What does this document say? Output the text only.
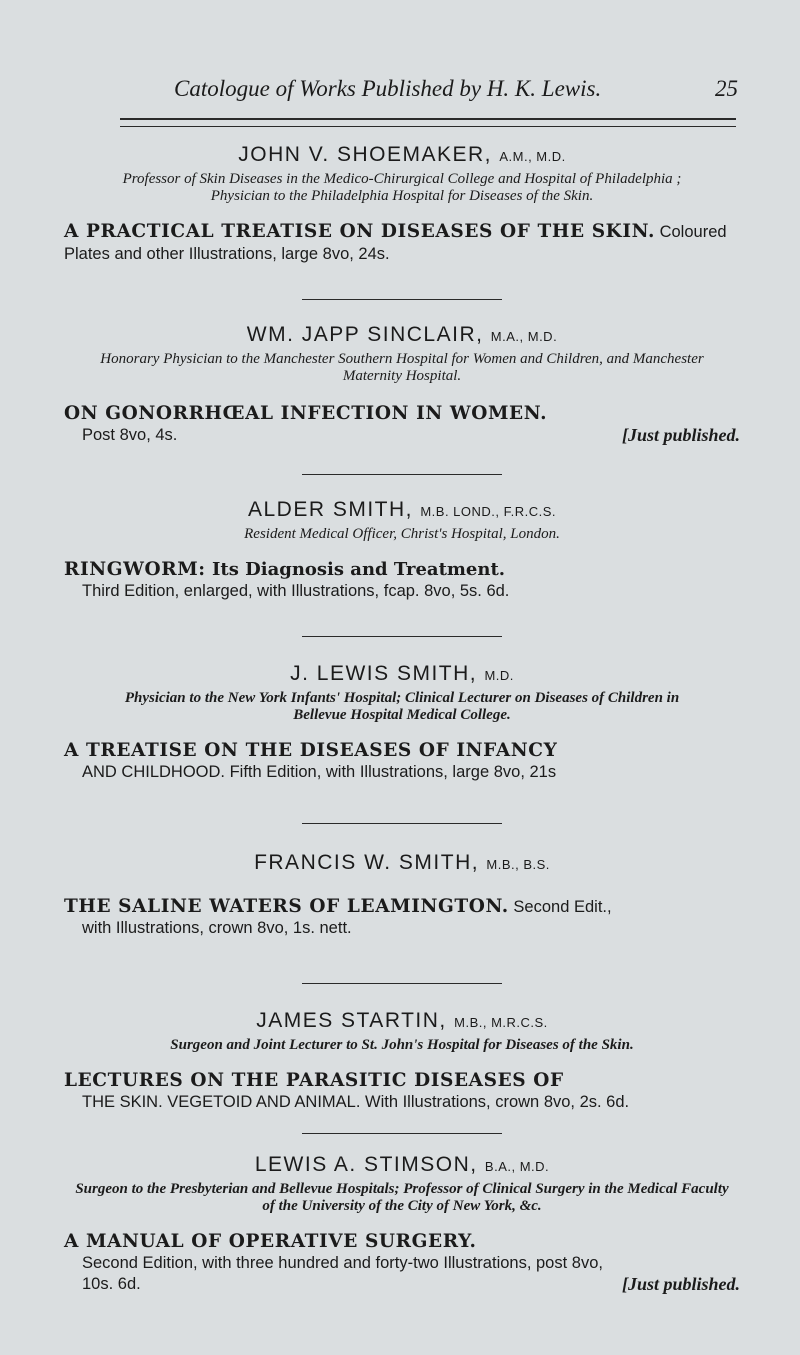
Catologue of Works Published by H. K. Lewis.	25
JOHN V. SHOEMAKER, A.M., M.D.
Professor of Skin Diseases in the Medico-Chirurgical College and Hospital of Philadelphia ; Physician to the Philadelphia Hospital for Diseases of the Skin.
A PRACTICAL TREATISE ON DISEASES OF THE SKIN. Coloured Plates and other Illustrations, large 8vo, 24s.
WM. JAPP SINCLAIR, M.A., M.D.
Honorary Physician to the Manchester Southern Hospital for Women and Children, and Manchester Maternity Hospital.
ON GONORRHŒAL INFECTION IN WOMEN.
Post 8vo, 4s.	[Just published.
ALDER SMITH, M.B. LOND., F.R.C.S.
Resident Medical Officer, Christ's Hospital, London.
RINGWORM: Its Diagnosis and Treatment.
Third Edition, enlarged, with Illustrations, fcap. 8vo, 5s. 6d.
J. LEWIS SMITH, M.D.
Physician to the New York Infants' Hospital; Clinical Lecturer on Diseases of Children in Bellevue Hospital Medical College.
A TREATISE ON THE DISEASES OF INFANCY
AND CHILDHOOD. Fifth Edition, with Illustrations, large 8vo, 21s
FRANCIS W. SMITH, M.B., B.S.
THE SALINE WATERS OF LEAMINGTON. Second Edit.,
with Illustrations, crown 8vo, 1s. nett.
JAMES STARTIN, M.B., M.R.C.S.
Surgeon and Joint Lecturer to St. John's Hospital for Diseases of the Skin.
LECTURES ON THE PARASITIC DISEASES OF
THE SKIN. VEGETOID AND ANIMAL. With Illustrations, crown 8vo, 2s. 6d.
LEWIS A. STIMSON, B.A., M.D.
Surgeon to the Presbyterian and Bellevue Hospitals; Professor of Clinical Surgery in the Medical Faculty of the University of the City of New York, &c.
A MANUAL OF OPERATIVE SURGERY.
Second Edition, with three hundred and forty-two Illustrations, post 8vo, 10s. 6d.	[Just published.
